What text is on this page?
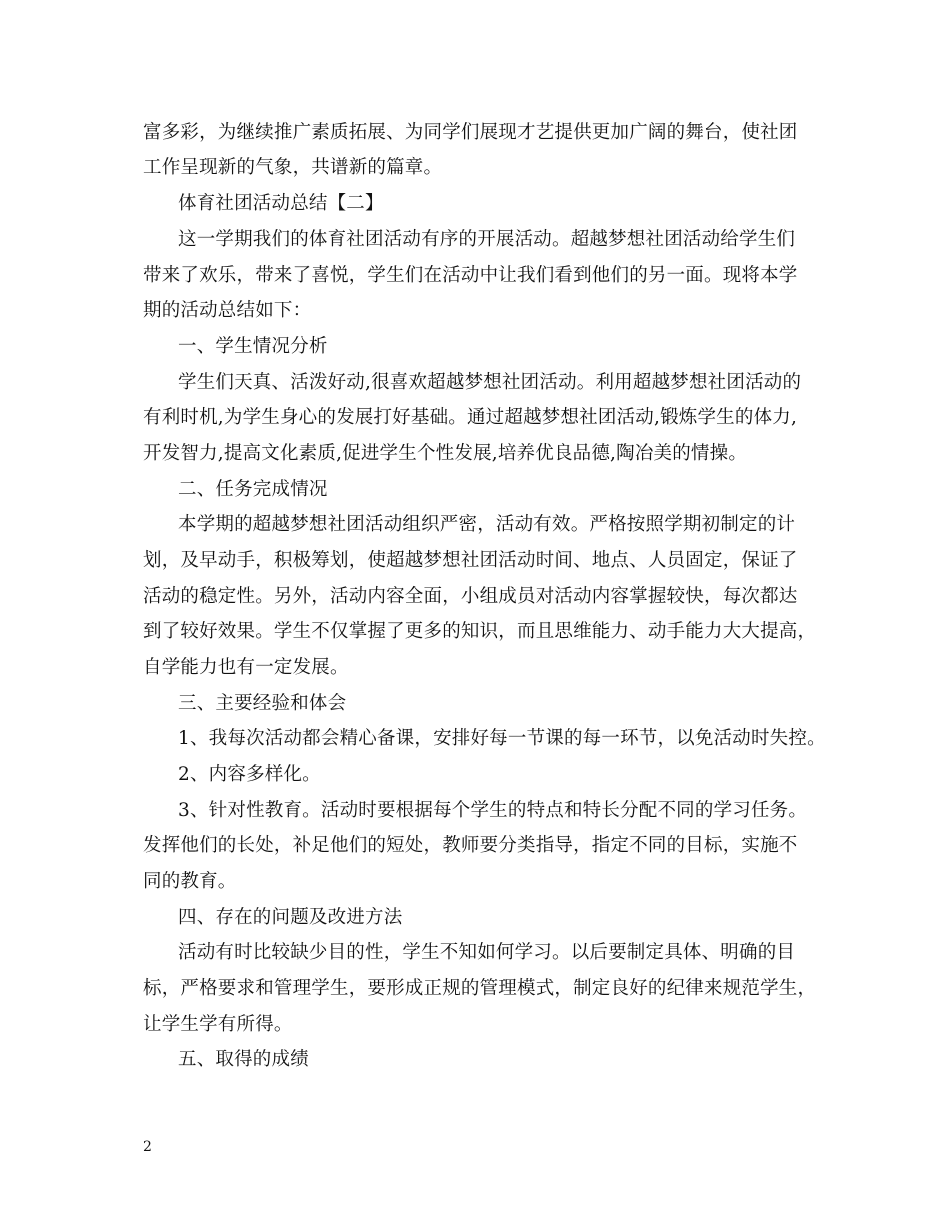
富多彩，为继续推广素质拓展、为同学们展现才艺提供更加广阔的舞台，使社团
工作呈现新的气象，共谱新的篇章。
体育社团活动总结【二】
这一学期我们的体育社团活动有序的开展活动。超越梦想社团活动给学生们
带来了欢乐，带来了喜悦，学生们在活动中让我们看到他们的另一面。现将本学
期的活动总结如下：
一、学生情况分析
学生们天真、活泼好动,很喜欢超越梦想社团活动。利用超越梦想社团活动的
有利时机,为学生身心的发展打好基础。通过超越梦想社团活动,锻炼学生的体力,
开发智力,提高文化素质,促进学生个性发展,培养优良品德,陶冶美的情操。
二、任务完成情况
本学期的超越梦想社团活动组织严密，活动有效。严格按照学期初制定的计
划，及早动手，积极筹划，使超越梦想社团活动时间、地点、人员固定，保证了
活动的稳定性。另外，活动内容全面，小组成员对活动内容掌握较快，每次都达
到了较好效果。学生不仅掌握了更多的知识，而且思维能力、动手能力大大提高，
自学能力也有一定发展。
三、主要经验和体会
1、我每次活动都会精心备课，安排好每一节课的每一环节，以免活动时失控。
2、内容多样化。
3、针对性教育。活动时要根据每个学生的特点和特长分配不同的学习任务。
发挥他们的长处，补足他们的短处，教师要分类指导，指定不同的目标，实施不
同的教育。
四、存在的问题及改进方法
活动有时比较缺少目的性，学生不知如何学习。以后要制定具体、明确的目
标，严格要求和管理学生，要形成正规的管理模式，制定良好的纪律来规范学生，
让学生学有所得。
五、取得的成绩
2
